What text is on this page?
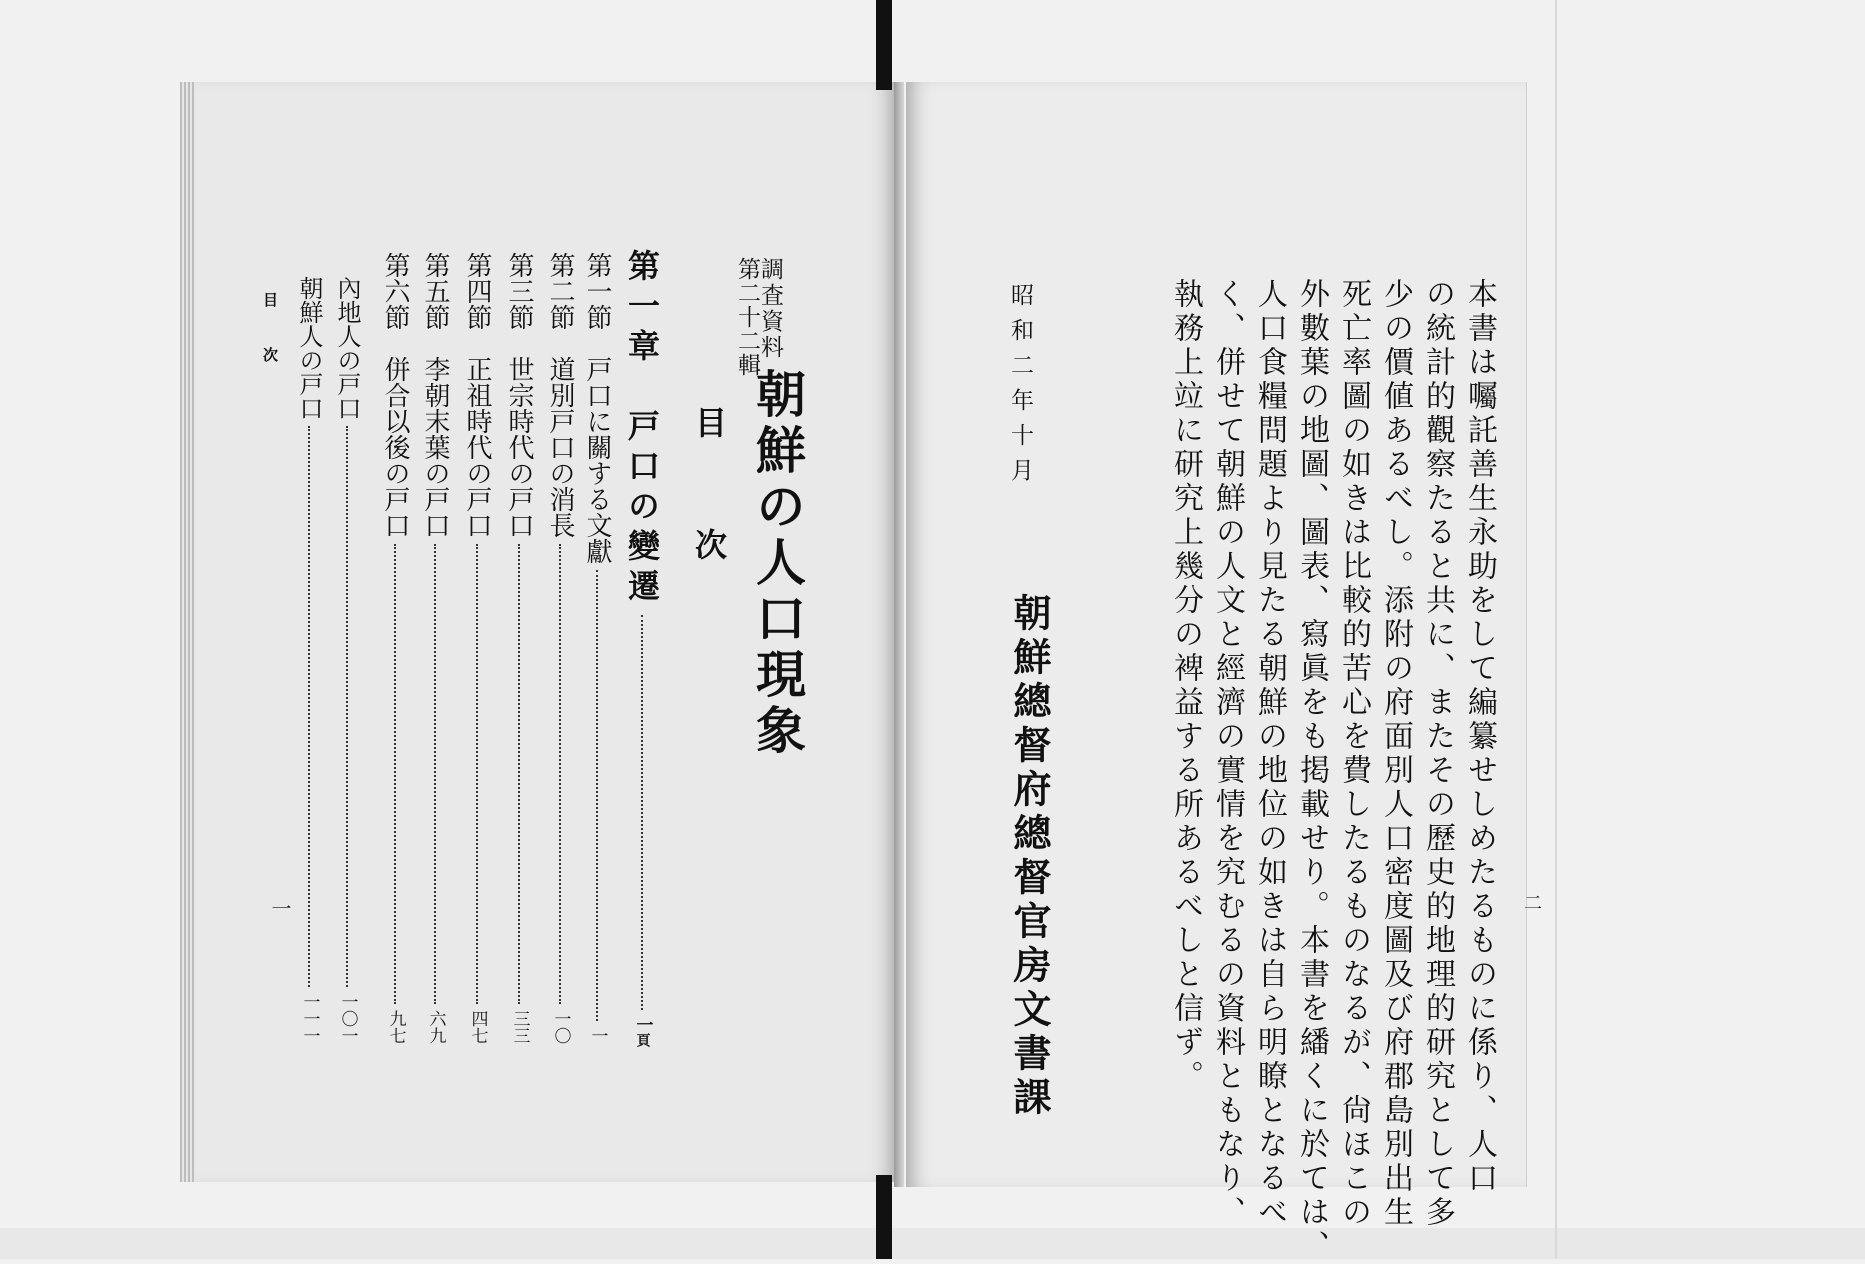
調査資料
第二十二輯
朝鮮の人口現象
目次
第一章　戸口の變遷
一頁
第一節　戸口に關する文獻
一
第二節　道別戸口の消長
一〇
第三節　世宗時代の戸口
三三
第四節　正祖時代の戸口
四七
第五節　李朝末葉の戸口
六九
第六節　併合以後の戸口
九七
內地人の戸口
一〇一
朝鮮人の戸口
一一一
目次
一	本書は囑託善生永助をして編纂せしめたるものに係り、人口
の統計的觀察たると共に、またその歷史的地理的研究として多
少の價値あるべし。添附の府面別人口密度圖及び府郡島別出生
死亡率圖の如きは比較的苦心を費したるものなるが、尙ほこの
外數葉の地圖、圖表、寫眞をも掲載せり。本書を繙くに於ては、
人口食糧問題より見たる朝鮮の地位の如きは自ら明瞭となるべ
く、併せて朝鮮の人文と經濟の實情を究むるの資料ともなり、
執務上竝に研究上幾分の裨益する所あるべしと信ず。
昭和二年十月
朝鮮總督府總督官房文書課	二
